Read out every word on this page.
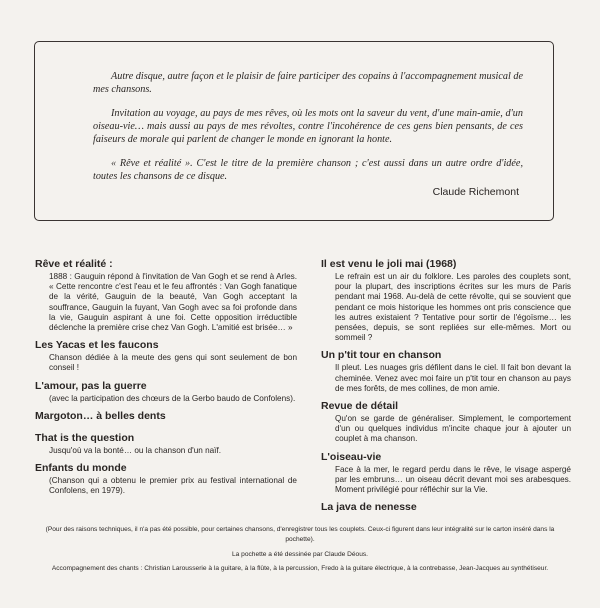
Autre disque, autre façon et le plaisir de faire participer des copains à l'accompagnement musical de mes chansons.

Invitation au voyage, au pays de mes rêves, où les mots ont la saveur du vent, d'une main-amie, d'un oiseau-vie… mais aussi au pays de mes révoltes, contre l'incohérence de ces gens bien pensants, de ces faiseurs de morale qui parlent de changer le monde en ignorant la honte.

« Rêve et réalité ». C'est le titre de la première chanson ; c'est aussi dans un autre ordre d'idée, toutes les chansons de ce disque.

Claude Richemont

Rêve et réalité :

1888 : Gauguin répond à l'invitation de Van Gogh et se rend à Arles. « Cette rencontre c'est l'eau et le feu affrontés : Van Gogh fanatique de la vérité, Gauguin de la beauté, Van Gogh acceptant la souffrance, Gauguin la fuyant, Van Gogh avec sa foi profonde dans la vie, Gauguin aspirant à une foi. Cette opposition irréductible déclenche la première crise chez Van Gogh. L'amitié est brisée… »

Les Yacas et les faucons

Chanson dédiée à la meute des gens qui sont seulement de bon conseil !

L'amour, pas la guerre

(avec la participation des chœurs de la Gerbo baudo de Confolens).

Margoton… à belles dents

That is the question

Jusqu'où va la bonté… ou la chanson d'un naïf.

Enfants du monde

(Chanson qui a obtenu le premier prix au festival international de Confolens, en 1979).

Il est venu le joli mai (1968)

Le refrain est un air du folklore. Les paroles des couplets sont, pour la plupart, des inscriptions écrites sur les murs de Paris pendant mai 1968. Au-delà de cette révolte, qui se souvient que pendant ce mois historique les hommes ont pris conscience que les autres existaient ? Tentative pour sortir de l'égoïsme… les pensées, depuis, se sont repliées sur elle-mêmes. Mort ou sommeil ?

Un p'tit tour en chanson

Il pleut. Les nuages gris défilent dans le ciel. Il fait bon devant la cheminée. Venez avec moi faire un p'tit tour en chanson au pays de mes forêts, de mes collines, de mon amie.

Revue de détail

Qu'on se garde de généraliser. Simplement, le comportement d'un ou quelques individus m'incite chaque jour à ajouter un couplet à ma chanson.

L'oiseau-vie

Face à la mer, le regard perdu dans le rêve, le visage aspergé par les embruns… un oiseau décrit devant moi ses arabesques. Moment privilégié pour réfléchir sur la Vie.

La java de nenesse

(Pour des raisons techniques, il n'a pas été possible, pour certaines chansons, d'enregistrer tous les couplets. Ceux-ci figurent dans leur intégralité sur le carton inséré dans la pochette).
La pochette a été dessinée par Claude Déous.
Accompagnement des chants : Christian Larousserie à la guitare, à la flûte, à la percussion, Fredo à la guitare électrique, à la contrebasse, Jean-Jacques au synthétiseur.
